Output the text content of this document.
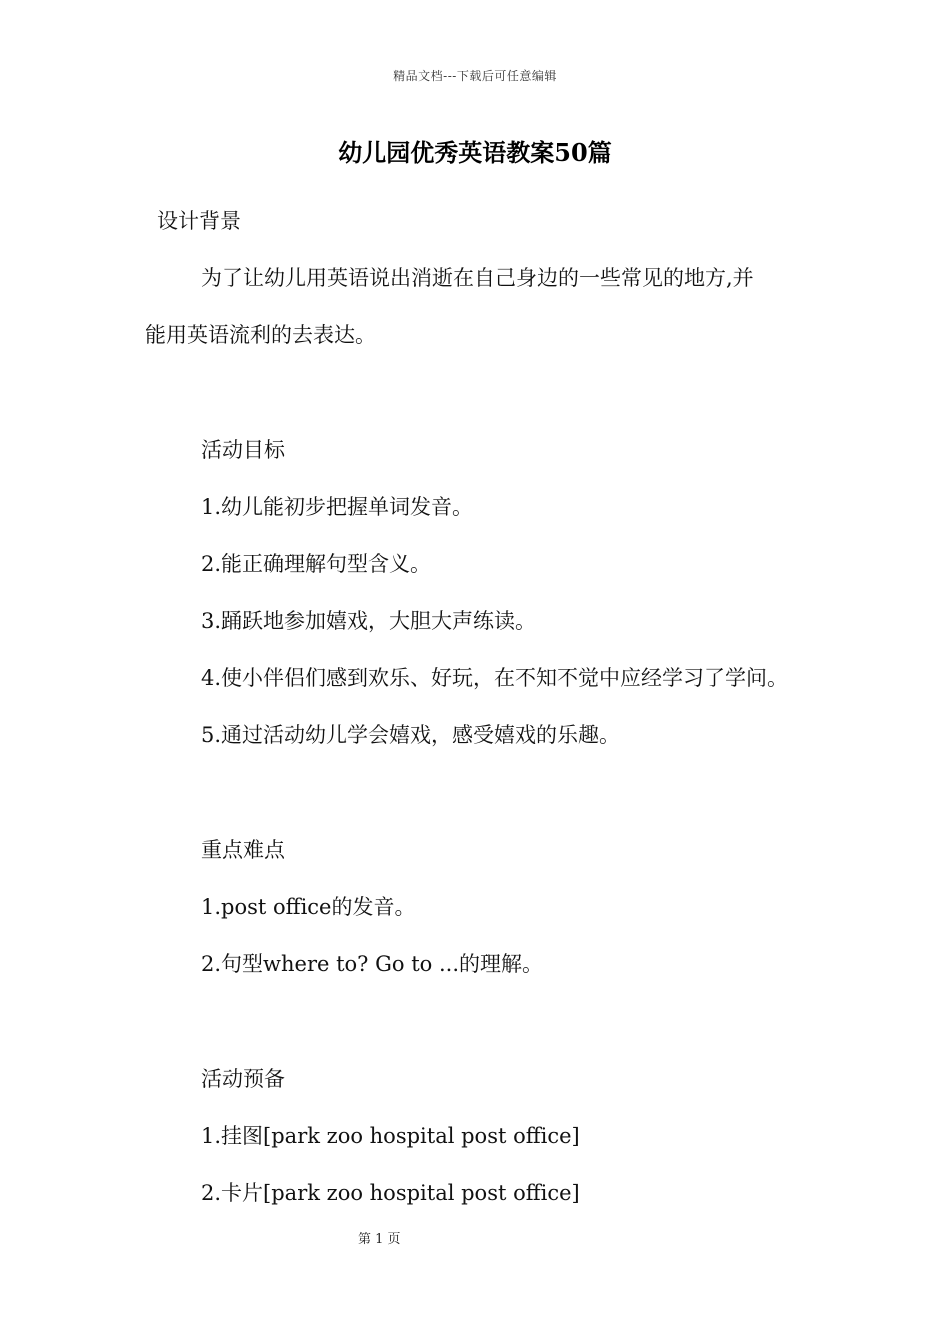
精品文档---下载后可任意编辑
幼儿园优秀英语教案50篇
设计背景
为了让幼儿用英语说出消逝在自己身边的一些常见的地方,并
能用英语流利的去表达。
活动目标
1.幼儿能初步把握单词发音。
2.能正确理解句型含义。
3.踊跃地参加嬉戏，大胆大声练读。
4.使小伴侣们感到欢乐、好玩，在不知不觉中应经学习了学问。
5.通过活动幼儿学会嬉戏，感受嬉戏的乐趣。
重点难点
1.post office的发音。
2.句型where to? Go to ...的理解。
活动预备
1.挂图[park zoo hospital post office]
2.卡片[park zoo hospital post office]
第 1 页
